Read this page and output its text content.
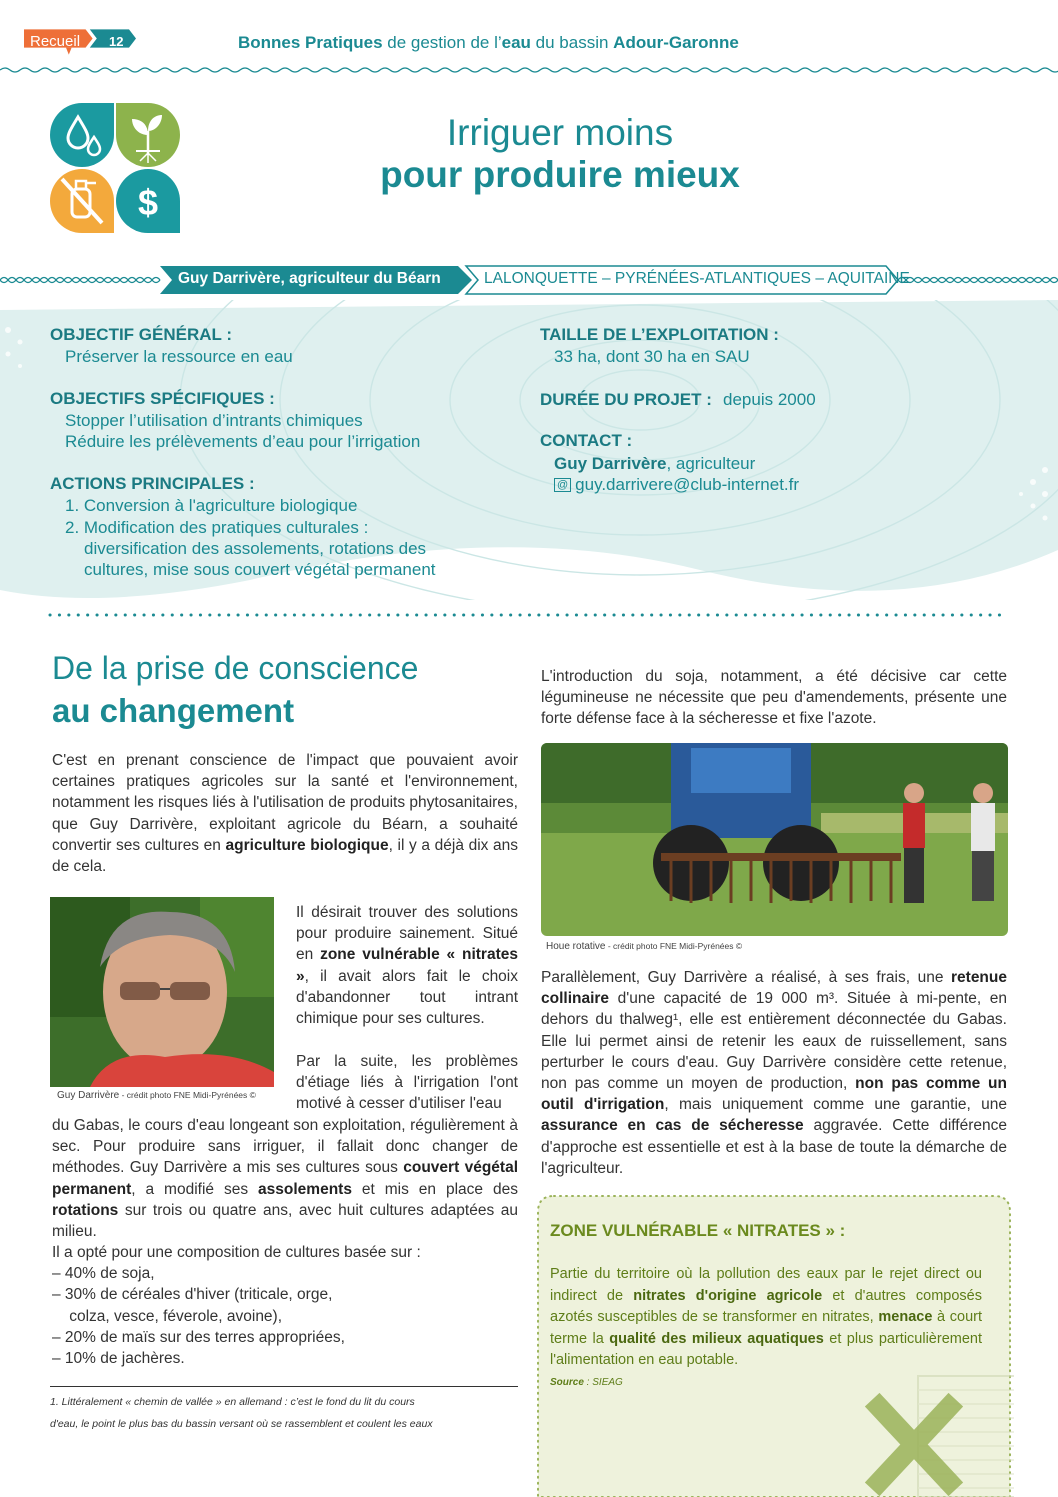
Recueil 12	Bonnes Pratiques de gestion de l’eau du bassin Adour-Garonne
$
Irriguer moins
pour produire mieux
Guy Darrivère, agriculteur du Béarn	LALONQUETTE – PYRÉNÉES-ATLANTIQUES – AQUITAINE
OBJECTIF GÉNÉRAL :
Préserver la ressource en eau
OBJECTIFS SPÉCIFIQUES :
Stopper l’utilisation d’intrants chimiques
Réduire les prélèvements d’eau pour l’irrigation
ACTIONS PRINCIPALES :
1. Conversion à l'agriculture biologique
2. Modification des pratiques culturales :
diversification des assolements, rotations des
cultures, mise sous couvert végétal permanent
TAILLE DE L’EXPLOITATION :
33 ha, dont 30 ha en SAU
DURÉE DU PROJET : depuis 2000
CONTACT :
Guy Darrivère, agriculteur
@ guy.darrivere@club-internet.fr
De la prise de conscience
au changement
C'est en prenant conscience de l'impact que pouvaient avoir certaines pratiques agricoles sur la santé et l'environnement, notamment les risques liés à l'utilisation de produits phytosanitaires, que Guy Darrivère, exploitant agricole du Béarn, a souhaité convertir ses cultures en agriculture biologique, il y a déjà dix ans de cela.
Guy Darrivère - crédit photo FNE Midi-Pyrénées ©
Il désirait trouver des solutions pour produire sainement. Situé en zone vulnérable « nitrates », il avait alors fait le choix d'abandonner tout intrant chimique pour ses cultures.
Par la suite, les problèmes d'étiage liés à l'irrigation l'ont motivé à cesser d'utiliser l'eau
du Gabas, le cours d'eau longeant son exploitation, régulièrement à sec. Pour produire sans irriguer, il fallait donc changer de méthodes. Guy Darrivère a mis ses cultures sous couvert végétal permanent, a modifié ses assolements et mis en place des rotations sur trois ou quatre ans, avec huit cultures adaptées au milieu.
Il a opté pour une composition de cultures basée sur :
– 40% de soja,
– 30% de céréales d'hiver (triticale, orge,
colza, vesce, féverole, avoine),
– 20% de maïs sur des terres appropriées,
– 10% de jachères.
1. Littéralement « chemin de vallée » en allemand : c’est le fond du lit du cours
d'eau, le point le plus bas du bassin versant où se rassemblent et coulent les eaux
L'introduction du soja, notamment, a été décisive car cette légumineuse ne nécessite que peu d'amendements, présente une forte défense face à la sécheresse et fixe l'azote.
Houe rotative - crédit photo FNE Midi-Pyrénées ©
Parallèlement, Guy Darrivère a réalisé, à ses frais, une retenue collinaire d'une capacité de 19 000 m³. Située à mi-pente, en dehors du thalweg¹, elle est entièrement déconnectée du Gabas. Elle lui permet ainsi de retenir les eaux de ruissellement, sans perturber le cours d'eau. Guy Darrivère considère cette retenue, non pas comme un moyen de production, non pas comme un outil d'irrigation, mais uniquement comme une garantie, une assurance en cas de sécheresse aggravée. Cette différence d'approche est essentielle et est à la base de toute la démarche de l'agriculteur.
ZONE VULNÉRABLE « NITRATES » :
Partie du territoire où la pollution des eaux par le rejet direct ou indirect de nitrates d'origine agricole et d'autres composés azotés susceptibles de se transformer en nitrates, menace à court terme la qualité des milieux aquatiques et plus particulièrement l'alimentation en eau potable.
Source : SIEAG
